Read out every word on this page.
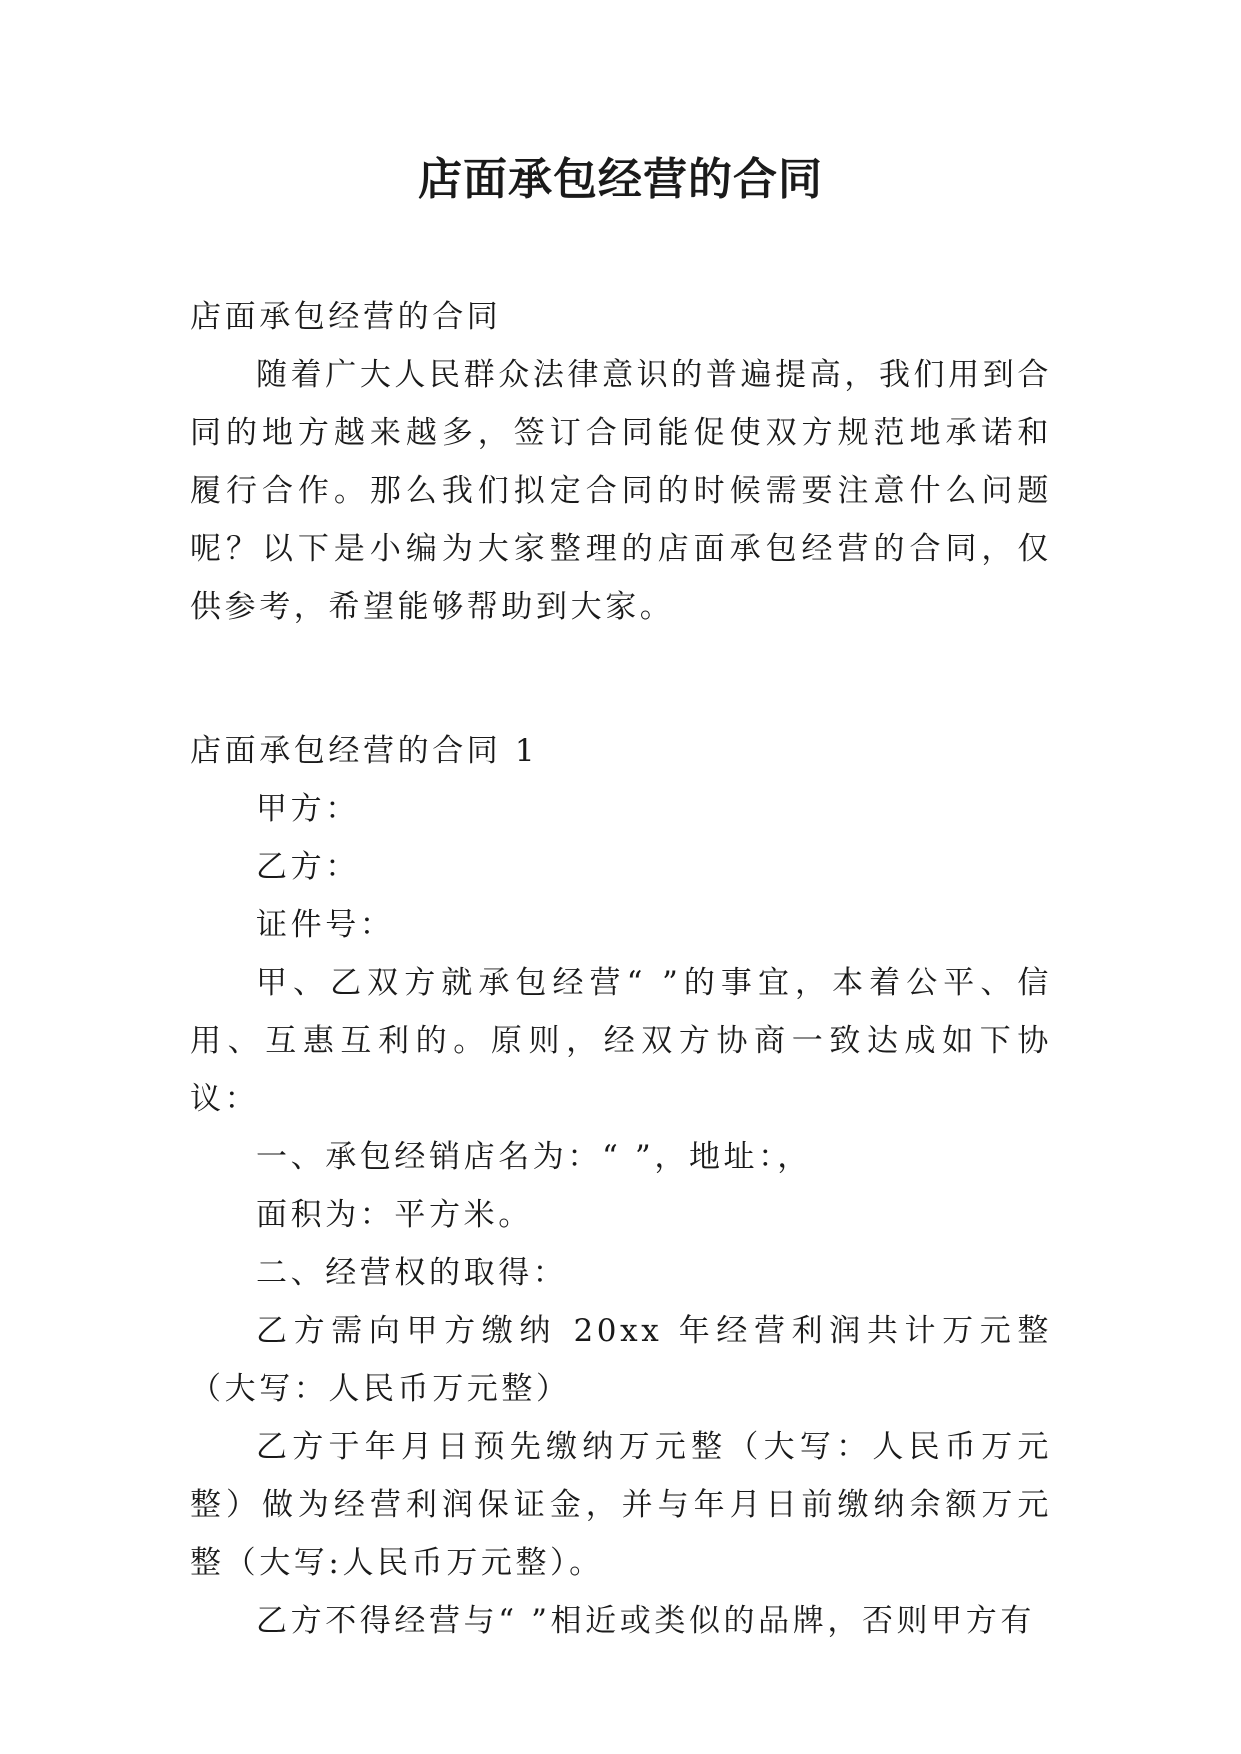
店面承包经营的合同

店面承包经营的合同

随着广大人民群众法律意识的普遍提高，我们用到合同的地方越来越多，签订合同能促使双方规范地承诺和履行合作。那么我们拟定合同的时候需要注意什么问题呢？以下是小编为大家整理的店面承包经营的合同，仅供参考，希望能够帮助到大家。

店面承包经营的合同 1

甲方：

乙方：

证件号：

甲、乙双方就承包经营“ ”的事宜，本着公平、信用、互惠互利的。原则，经双方协商一致达成如下协议：

一、承包经销店名为：“ ”，地址：，

面积为：平方米。

二、经营权的取得：

乙方需向甲方缴纳 20xx 年经营利润共计万元整（大写：人民币万元整）

乙方于年月日预先缴纳万元整（大写：人民币万元整）做为经营利润保证金，并与年月日前缴纳余额万元整（大写:人民币万元整）。

乙方不得经营与“ ”相近或类似的品牌，否则甲方有
